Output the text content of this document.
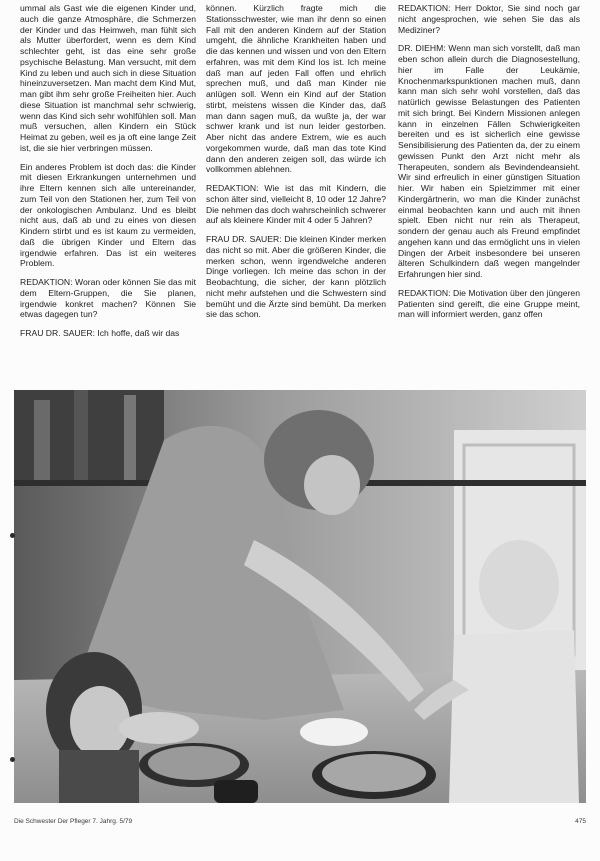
ummal als Gast wie die eigenen Kinder und, auch die ganze Atmosphäre, die Schmerzen der Kinder und das Heimweh, man fühlt sich als Mutter überfordert, wenn es dem Kind schlechter geht, ist das eine sehr große psychische Belastung. Man versucht, mit dem Kind zu leben und auch sich in diese Situation hineinzuversetzen. Man macht dem Kind Mut, man gibt ihm sehr große Freiheiten hier. Auch diese Situation ist manchmal sehr schwierig, wenn das Kind sich sehr wohlfühlen soll. Man muß versuchen, allen Kindern ein Stück Heimat zu geben, weil es ja oft eine lange Zeit ist, die sie hier verbringen müssen.

Ein anderes Problem ist doch das: die Kinder mit diesen Erkrankungen unternehmen und ihre Eltern kennen sich alle untereinander, zum Teil von den Stationen her, zum Teil von der onkologischen Ambulanz. Und es bleibt nicht aus, daß ab und zu eines von diesen Kindern stirbt und es ist kaum zu vermeiden, daß die übrigen Kinder und Eltern das irgendwie erfahren. Das ist ein weiteres Problem.

REDAKTION: Woran oder können Sie das mit dem Eltern-Gruppen, die Sie planen, irgendwie konkret machen? Können Sie etwas dagegen tun?

FRAU DR. SAUER: Ich hoffe, daß wir das

können. Kürzlich fragte mich die Stationsschwester, wie man ihr denn so einen Fall mit den anderen Kindern auf der Station umgeht, die ähnliche Krankheiten haben und die das kennen und wissen und von den Eltern erfahren, was mit dem Kind los ist. Ich meine daß man auf jeden Fall offen und ehrlich sprechen muß, und daß man Kinder nie anlügen soll. Wenn ein Kind auf der Station stirbt, meistens wissen die Kinder das, daß man dann sagen muß, da wußte ja, der war schwer krank und ist nun leider gestorben. Aber nicht das andere Extrem, wie es auch vorgekommen wurde, daß man das tote Kind dann den anderen zeigen soll, das würde ich vollkommen ablehnen.

REDAKTION: Wie ist das mit Kindern, die schon älter sind, vielleicht 8, 10 oder 12 Jahre? Die nehmen das doch wahrscheinlich schwerer auf als kleinere Kinder mit 4 oder 5 Jahren?

FRAU DR. SAUER: Die kleinen Kinder merken das nicht so mit. Aber die größeren Kinder, die merken schon, wenn irgendwelche anderen Dinge vorliegen. Ich meine das schon in der Beobachtung, die sicher, der kann plötzlich nicht mehr aufstehen und die Schwestern sind bemüht und die Ärzte sind bemüht. Da merken sie das schon.

REDAKTION: Herr Doktor, Sie sind noch gar nicht angesprochen, wie sehen Sie das als Mediziner?

DR. DIEHM: Wenn man sich vorstellt, daß man eben schon allein durch die Diagnosestellung, hier im Falle der Leukämie, Knochenmarkspunktionen machen muß, dann kann man sich sehr wohl vorstellen, daß das natürlich gewisse Belastungen des Patienten mit sich bringt. Bei Kindern Missionen anlegen kann in einzelnen Fällen Schwierigkeiten bereiten und es ist sicherlich eine gewisse Sensibilisierung des Patienten da, der zu einem gewissen Punkt den Arzt nicht mehr als Therapeuten, sondern als Bevindendeansieht. Wir sind erfreulich in einer günstigen Situation hier. Wir haben ein Spielzimmer mit einer Kindergärtnerin, wo man die Kinder zunächst einmal beobachten kann und auch mit ihnen spielt. Eben nicht nur rein als Therapeut, sondern der genau auch als Freund empfindet angehen kann und das ermöglicht uns in vielen Dingen der Arbeit insbesondere bei unseren älteren Schulkindern daß wegen mangelnder Erfahrungen hier sind.

REDAKTION: Die Motivation über den jüngeren Patienten sind gereift, die eine Gruppe meint, man will informiert werden, ganz offen

Die Schwester Der Pfleger 7. Jahrg. 5/79	475
